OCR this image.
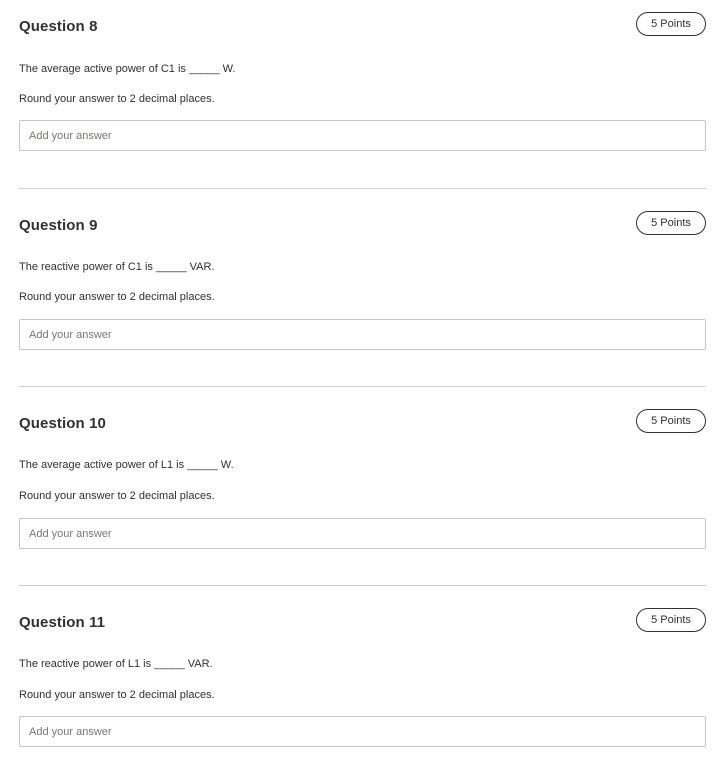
Question 8	5 Points
The average active power of C1 is _____ W.
Round your answer to 2 decimal places.
Add your answer
Question 9	5 Points
The reactive power of C1 is _____ VAR.
Round your answer to 2 decimal places.
Add your answer
Question 10	5 Points
The average active power of L1 is _____ W.
Round your answer to 2 decimal places.
Add your answer
Question 11	5 Points
The reactive power of L1 is _____ VAR.
Round your answer to 2 decimal places.
Add your answer
